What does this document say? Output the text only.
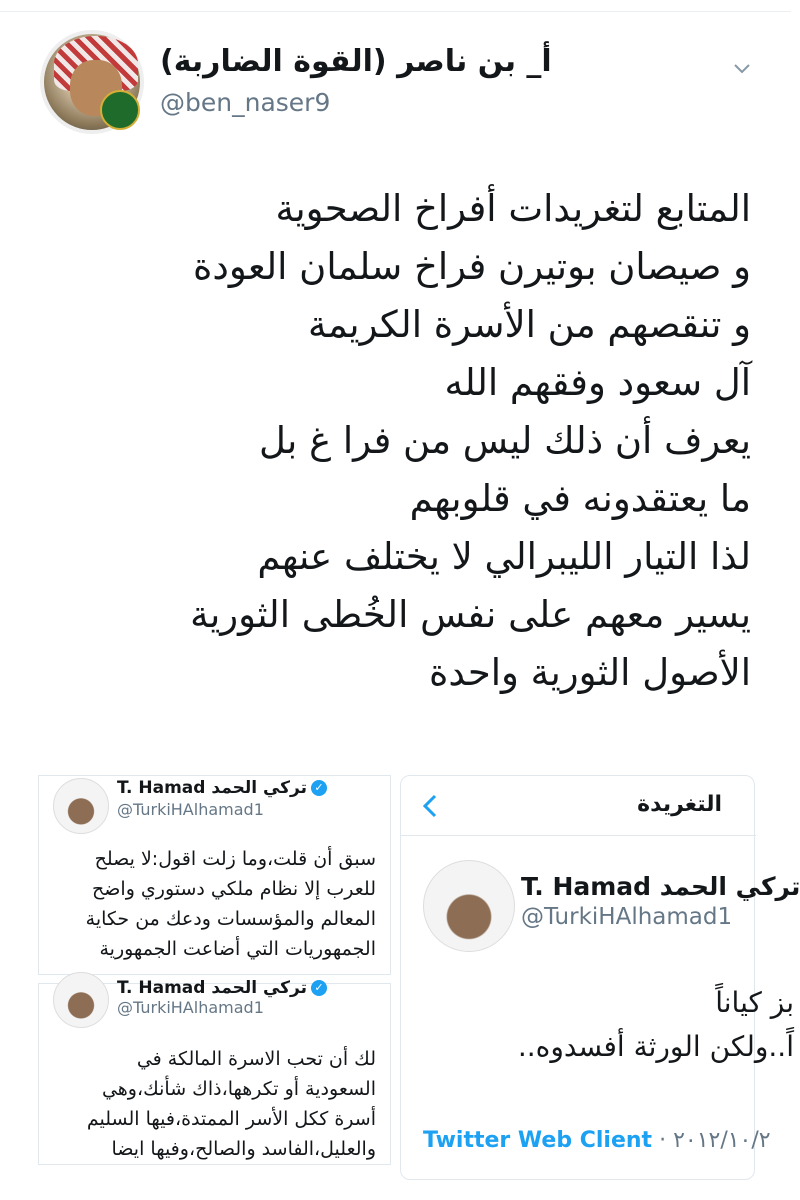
أ_ بن ناصر (القوة الضاربة)
@ben_naser9
المتابع لتغريدات أفراخ الصحوية
و صيصان بوتيرن فراخ سلمان العودة
و تنقصهم من الأسرة الكريمة
آل سعود وفقهم الله
يعرف أن ذلك ليس من فرا غ بل
ما يعتقدونه في قلوبهم
لذا التيار الليبرالي لا يختلف عنهم
يسير معهم على نفس الخُطى الثورية
الأصول الثورية واحدة
T. Hamad تركي الحمد ✓
@TurkiHAlhamad1
سبق أن قلت،وما زلت اقول:لا يصلح
للعرب إلا نظام ملكي دستوري واضح
المعالم والمؤسسات ودعك من حكاية
الجمهوريات التي أضاعت الجمهورية
T. Hamad تركي الحمد ✓
@TurkiHAlhamad1
لك أن تحب الاسرة المالكة في
السعودية أو تكرهها،ذاك شأنك،وهي
أسرة ككل الأسر الممتدة،فيها السليم
والعليل،الفاسد والصالح،وفيها ايضا
التغريدة
T. Hamad تركي الحمد
@TurkiHAlhamad1
بز كياناً
اً..ولكن الورثة أفسدوه..
Twitter Web Client · ٢٠١٢/١٠/٢
